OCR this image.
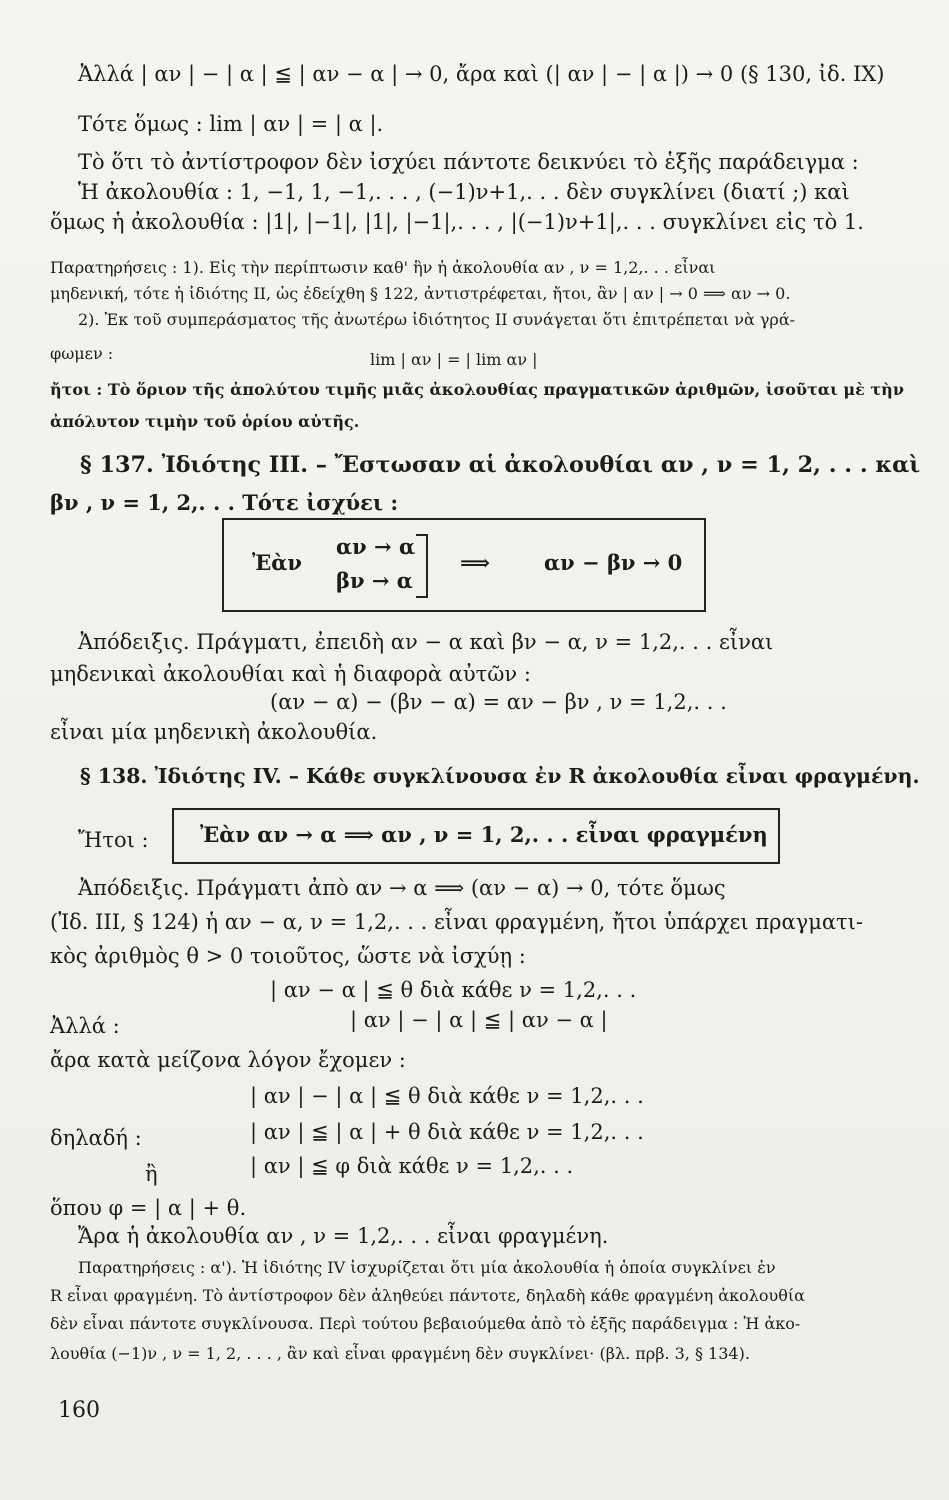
Ἀλλά | αν | − | α | ≦ | αν − α | → 0, ἄρα καὶ (| αν | − | α |) → 0 (§ 130, ἰδ. IX)
Τότε ὅμως : lim | αν | = | α |.
Τὸ ὅτι τὸ ἀντίστροφον δὲν ἰσχύει πάντοτε δεικνύει τὸ ἑξῆς παράδειγμα :
Ἡ ἀκολουθία : 1, −1, 1, −1,. . . , (−1)ν+1,. . . δὲν συγκλίνει (διατί ;) καὶ
ὅμως ἡ ἀκολουθία : |1|, |−1|, |1|, |−1|,. . . , |(−1)ν+1|,. . . συγκλίνει εἰς τὸ 1.
Παρατηρήσεις : 1). Εἰς τὴν περίπτωσιν καθ' ἣν ἡ ἀκολουθία αν , ν = 1,2,. . . εἶναι
μηδενική, τότε ἡ ἰδιότης ΙΙ, ὡς ἐδείχθη § 122, ἀντιστρέφεται, ἤτοι, ἂν | αν | → 0 ⟹ αν → 0.
2). Ἐκ τοῦ συμπεράσματος τῆς ἀνωτέρω ἰδιότητος ΙΙ συνάγεται ὅτι ἐπιτρέπεται νὰ γρά-
φωμεν :	lim | αν | = | lim αν |
ἤτοι : Τὸ ὅριον τῆς ἀπολύτου τιμῆς μιᾶς ἀκολουθίας πραγματικῶν ἀριθμῶν, ἰσοῦται μὲ τὴν
ἀπόλυτον τιμὴν τοῦ ὁρίου αὐτῆς.
§ 137. Ἰδιότης ΙΙΙ. – Ἔστωσαν αἱ ἀκολουθίαι αν , ν = 1, 2, . . . καὶ
βν , ν = 1, 2,. . . Τότε ἰσχύει :
Ἐὰν
αν → α
βν → α
⟹	αν − βν → 0
Ἀπόδειξις. Πράγματι, ἐπειδὴ αν − α καὶ βν − α, ν = 1,2,. . . εἶναι
μηδενικαὶ ἀκολουθίαι καὶ ἡ διαφορὰ αὐτῶν :
(αν − α) − (βν − α) = αν − βν , ν = 1,2,. . .
εἶναι μία μηδενικὴ ἀκολουθία.
§ 138. Ἰδιότης IV. – Κάθε συγκλίνουσα ἐν R ἀκολουθία εἶναι φραγμένη.
Ἤτοι : Ἐὰν αν → α ⟹ αν , ν = 1, 2,. . . εἶναι φραγμένη
Ἀπόδειξις. Πράγματι ἀπὸ αν → α ⟹ (αν − α) → 0, τότε ὅμως
(Ἰδ. ΙΙΙ, § 124) ἡ αν − α, ν = 1,2,. . . εἶναι φραγμένη, ἤτοι ὑπάρχει πραγματι-
κὸς ἀριθμὸς θ > 0 τοιοῦτος, ὥστε νὰ ἰσχύῃ :
| αν − α | ≦ θ διὰ κάθε ν = 1,2,. . .
Ἀλλά :	| αν | − | α | ≦ | αν − α |
ἄρα κατὰ μείζονα λόγον ἔχομεν :
| αν | − | α | ≦ θ διὰ κάθε ν = 1,2,. . .
δηλαδή :	| αν | ≦ | α | + θ διὰ κάθε ν = 1,2,. . .
ἢ	| αν | ≦ φ διὰ κάθε ν = 1,2,. . .
ὅπου φ = | α | + θ.
Ἄρα ἡ ἀκολουθία αν , ν = 1,2,. . . εἶναι φραγμένη.
Παρατηρήσεις : α'). Ἡ ἰδιότης IV ἰσχυρίζεται ὅτι μία ἀκολουθία ἡ ὁποία συγκλίνει ἐν
R εἶναι φραγμένη. Τὸ ἀντίστροφον δὲν ἀληθεύει πάντοτε, δηλαδὴ κάθε φραγμένη ἀκολουθία
δὲν εἶναι πάντοτε συγκλίνουσα. Περὶ τούτου βεβαιούμεθα ἀπὸ τὸ ἑξῆς παράδειγμα : Ἡ ἀκο-
λουθία (−1)ν , ν = 1, 2, . . . , ἂν καὶ εἶναι φραγμένη δὲν συγκλίνει· (βλ. πρβ. 3, § 134).
160
